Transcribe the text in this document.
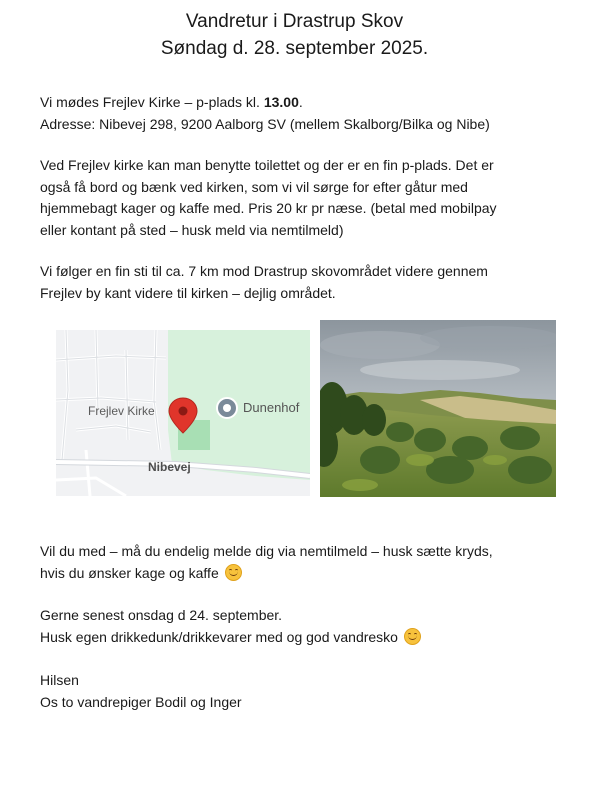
Vandretur i Drastrup Skov
Søndag d. 28. september 2025.

Vi mødes Frejlev Kirke – p-plads kl. 13.00.

Adresse: Nibevej 298, 9200 Aalborg SV (mellem Skalborg/Bilka og Nibe)

Ved Frejlev kirke kan man benytte toilettet og der er en fin p-plads. Det er

også få bord og bænk ved kirken, som vi vil sørge for efter gåtur med

hjemmebagt kager og kaffe med. Pris 20 kr pr næse. (betal med mobilpay

eller kontant på sted – husk meld via nemtilmeld)

Vi følger en fin sti til ca. 7 km mod Drastrup skovområdet videre gennem

Frejlev by kant videre til kirken – dejlig området.

Frejlev Kirke	Dunenhof
Nibevej

Vil du med – må du endelig melde dig via nemtilmeld – husk sætte kryds,

hvis du ønsker kage og kaffe

Gerne senest onsdag d 24. september.

Husk egen drikkedunk/drikkevarer med og god vandresko

Hilsen

Os to vandrepiger Bodil og Inger
